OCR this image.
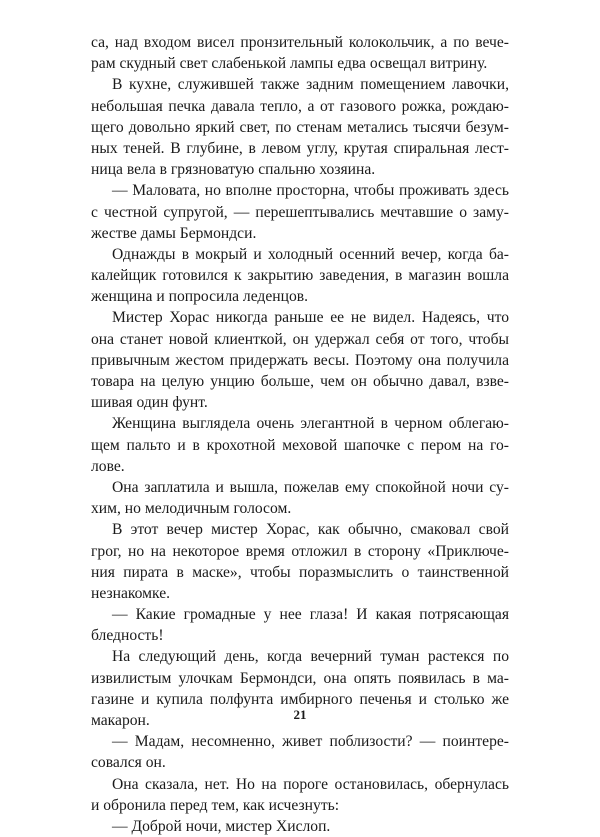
са, над входом висел пронзительный колокольчик, а по вече-
рам скудный свет слабенькой лампы едва освещал витрину.
В кухне, служившей также задним помещением лавочки,
небольшая печка давала тепло, а от газового рожка, рождаю-
щего довольно яркий свет, по стенам метались тысячи безум-
ных теней. В глубине, в левом углу, крутая спиральная лест-
ница вела в грязноватую спальню хозяина.
— Маловата, но вполне просторна, чтобы проживать здесь
с честной супругой, — перешептывались мечтавшие о заму-
жестве дамы Бермондси.
Однажды в мокрый и холодный осенний вечер, когда ба-
калейщик готовился к закрытию заведения, в магазин вошла
женщина и попросила леденцов.
Мистер Хорас никогда раньше ее не видел. Надеясь, что
она станет новой клиенткой, он удержал себя от того, чтобы
привычным жестом придержать весы. Поэтому она получила
товара на целую унцию больше, чем он обычно давал, взве-
шивая один фунт.
Женщина выглядела очень элегантной в черном облегаю-
щем пальто и в крохотной меховой шапочке с пером на го-
лове.
Она заплатила и вышла, пожелав ему спокойной ночи су-
хим, но мелодичным голосом.
В этот вечер мистер Хорас, как обычно, смаковал свой
грог, но на некоторое время отложил в сторону «Приключе-
ния пирата в маске», чтобы поразмыслить о таинственной
незнакомке.
— Какие громадные у нее глаза! И какая потрясающая
бледность!
На следующий день, когда вечерний туман растекся по
извилистым улочкам Бермондси, она опять появилась в ма-
газине и купила полфунта имбирного печенья и столько же
макарон.
— Мадам, несомненно, живет поблизости? — поинтере-
совался он.
Она сказала, нет. Но на пороге остановилась, обернулась
и обронила перед тем, как исчезнуть:
— Доброй ночи, мистер Хислоп.
21
